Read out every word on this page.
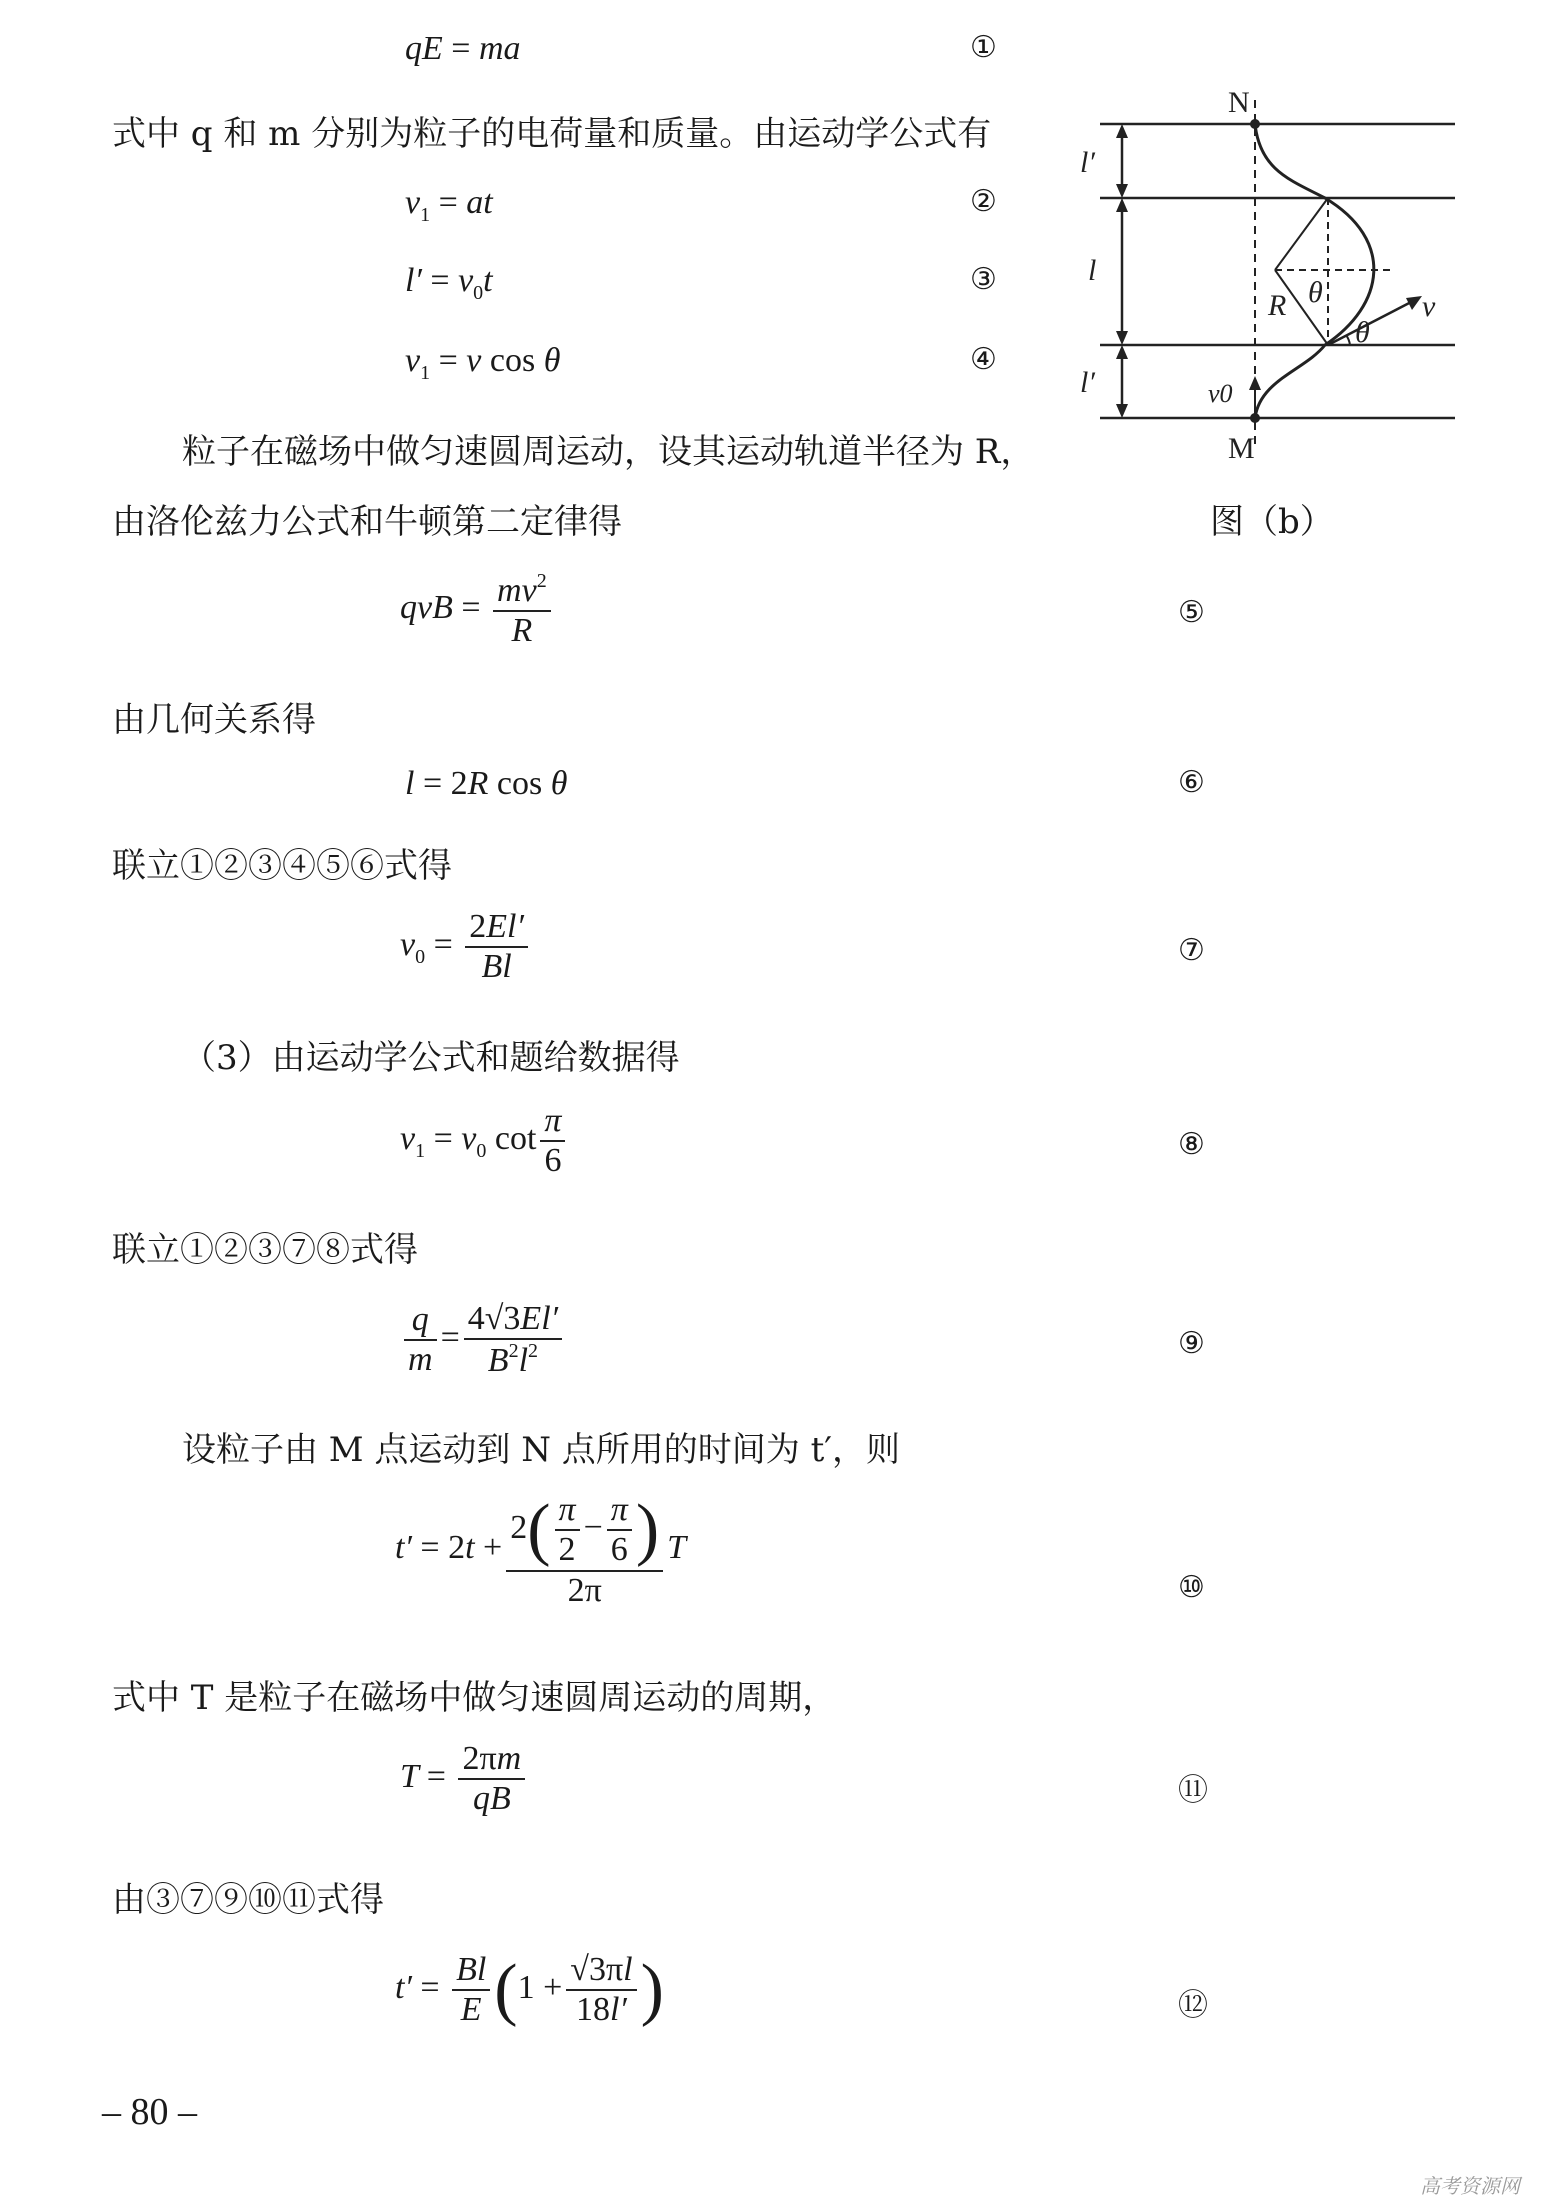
qE = ma	①
式中 q 和 m 分别为粒子的电荷量和质量。由运动学公式有
$v_1$ = at	②
$l' = v_0t$	③
$v_1 = v$ cos θ	④
粒子在磁场中做匀速圆周运动，设其运动轨道半径为 R，
由洛伦兹力公式和牛顿第二定律得
qvB = $\frac{mv^2}{R}$	⑤
由几何关系得
l = 2R cos θ	⑥
联立①②③④⑤⑥式得
$v_0 = \frac{2El'}{Bl}$	⑦
（3）由运动学公式和题给数据得
$v_1 = v_0$ $\cot \frac{\pi}{6}$	⑧
联立①②③⑦⑧式得
$\frac{q}{m} = \frac{4√3El'}{B^2l^2}$	⑨
设粒子由 M 点运动到 N 点所用的时间为 t′，则
$t' = 2t + \frac{2( \frac{\pi}{2} - \frac{\pi}{6} )}{2\pi}$ T
⑩
式中 T 是粒子在磁场中做匀速圆周运动的周期，
$T = \frac{2\pi m}{qB}$	⑪
由③⑦⑨⑩⑪式得
$t' = \frac{Bl}{E} (1 + \frac{√3\pi l}{18l'}$ )	⑫
– 80 –
N
M
l′
l
l′
R θ
θ
v
v0
图（b）
高考资源网
